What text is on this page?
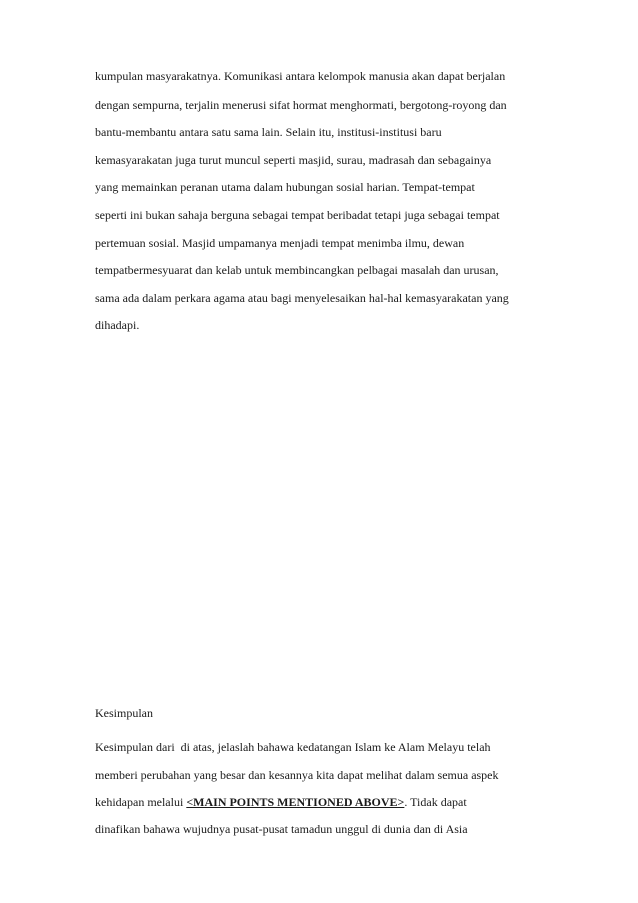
kumpulan masyarakatnya. Komunikasi antara kelompok manusia akan dapat berjalan

dengan sempurna, terjalin menerusi sifat hormat menghormati, bergotong-royong dan

bantu-membantu antara satu sama lain. Selain itu, institusi-institusi baru

kemasyarakatan juga turut muncul seperti masjid, surau, madrasah dan sebagainya

yang memainkan peranan utama dalam hubungan sosial harian. Tempat-tempat

seperti ini bukan sahaja berguna sebagai tempat beribadat tetapi juga sebagai tempat

pertemuan sosial. Masjid umpamanya menjadi tempat menimba ilmu, dewan

tempatbermesyuarat dan kelab untuk membincangkan pelbagai masalah dan urusan,

sama ada dalam perkara agama atau bagi menyelesaikan hal-hal kemasyarakatan yang

dihadapi.

Kesimpulan

Kesimpulan dari  di atas, jelaslah bahawa kedatangan Islam ke Alam Melayu telah

memberi perubahan yang besar dan kesannya kita dapat melihat dalam semua aspek

kehidapan melalui <MAIN POINTS MENTIONED ABOVE>. Tidak dapat

dinafikan bahawa wujudnya pusat-pusat tamadun unggul di dunia dan di Asia
